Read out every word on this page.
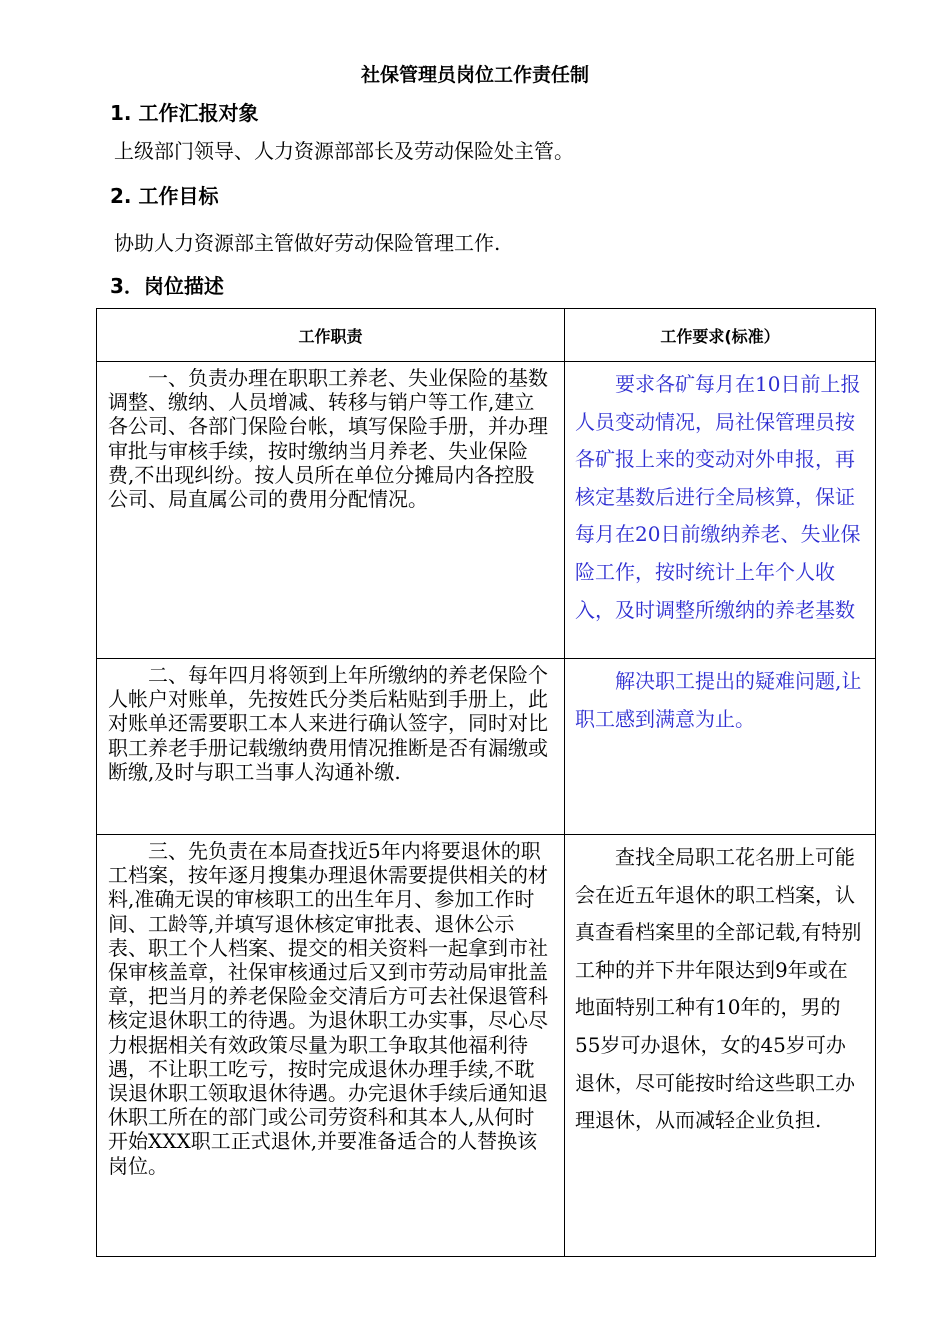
社保管理员岗位工作责任制
1. 工作汇报对象
上级部门领导、人力资源部部长及劳动保险处主管。
2. 工作目标
协助人力资源部主管做好劳动保险管理工作.
3．岗位描述
工作职责	工作要求(标准）
一、负责办理在职职工养老、失业保险的基数调整、缴纳、人员增减、转移与销户等工作,建立各公司、各部门保险台帐，填写保险手册，并办理审批与审核手续，按时缴纳当月养老、失业保险费,不出现纠纷。按人员所在单位分摊局内各控股公司、局直属公司的费用分配情况。	要求各矿每月在10日前上报人员变动情况，局社保管理员按各矿报上来的变动对外申报，再核定基数后进行全局核算，保证每月在20日前缴纳养老、失业保险工作，按时统计上年个人收入，及时调整所缴纳的养老基数
二、每年四月将领到上年所缴纳的养老保险个人帐户对账单，先按姓氏分类后粘贴到手册上，此对账单还需要职工本人来进行确认签字，同时对比职工养老手册记载缴纳费用情况推断是否有漏缴或断缴,及时与职工当事人沟通补缴.	解决职工提出的疑难问题,让职工感到满意为止。
三、先负责在本局查找近5年内将要退休的职工档案，按年逐月搜集办理退休需要提供相关的材料,准确无误的审核职工的出生年月、参加工作时间、工龄等,并填写退休核定审批表、退休公示表、职工个人档案、提交的相关资料一起拿到市社保审核盖章，社保审核通过后又到市劳动局审批盖章，把当月的养老保险金交清后方可去社保退管科核定退休职工的待遇。为退休职工办实事，尽心尽力根据相关有效政策尽量为职工争取其他福利待遇，不让职工吃亏，按时完成退休办理手续,不耽误退休职工领取退休待遇。办完退休手续后通知退休职工所在的部门或公司劳资科和其本人,从何时开始XXX职工正式退休,并要准备适合的人替换该岗位。	查找全局职工花名册上可能会在近五年退休的职工档案，认真查看档案里的全部记载,有特别工种的并下井年限达到9年或在地面特别工种有10年的，男的55岁可办退休，女的45岁可办退休，尽可能按时给这些职工办理退休，从而减轻企业负担.
